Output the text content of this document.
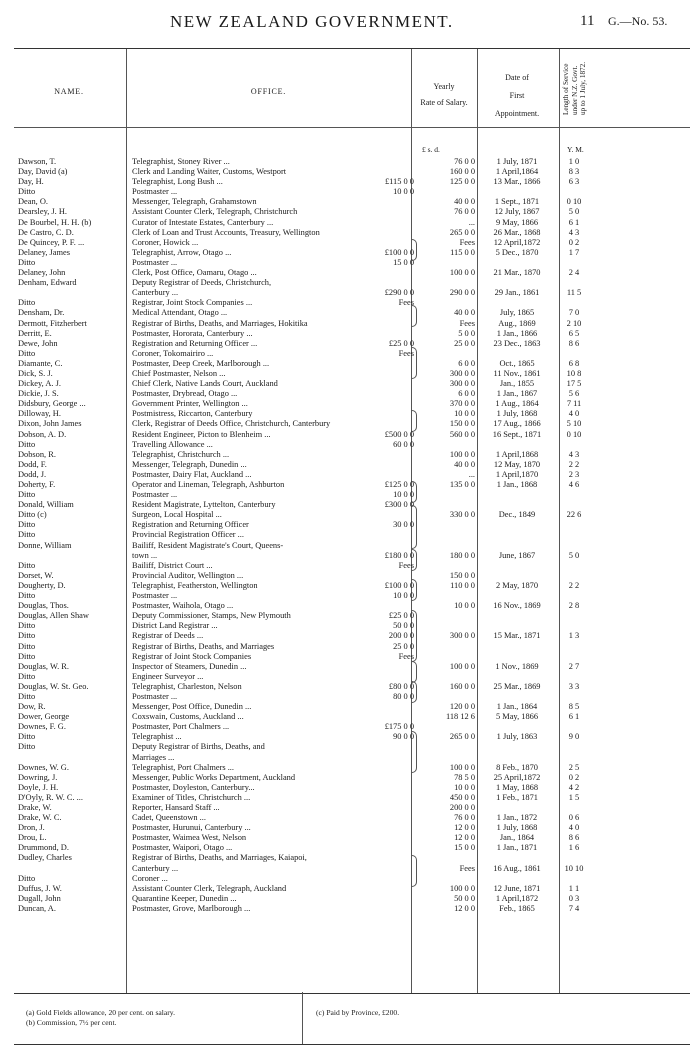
NEW ZEALAND GOVERNMENT.	11 G.—No. 53.
NAME.	OFFICE.
Yearly
Rate of Salary.
Date of
First
Appointment.	Length of Service under N.Z. Govt. up to 1 July, 1872.
£ s. d.	Y. M.
Dawson, T.	Telegraphist, Stoney River ...	76 0 0	1 July, 1871	1 0
Day, David (a)	Clerk and Landing Waiter, Customs, Westport	160 0 0	1 April,1864	8 3
Day, H.	Telegraphist, Long Bush ...	£115 0 0	125 0 0	13 Mar., 1866	6 3
Ditto	Postmaster ...	10 0 0
Dean, O.	Messenger, Telegraph, Grahamstown	40 0 0	1 Sept., 1871	0 10
Dearsley, J. H.	Assistant Counter Clerk, Telegraph, Christchurch	76 0 0	12 July, 1867	5 0
De Bourbel, H. H. (b)	Curator of Intestate Estates, Canterbury ...	...	9 May, 1866	6 1
De Castro, C. D.	Clerk of Loan and Trust Accounts, Treasury, Wellington	265 0 0	26 Mar., 1868	4 3
De Quincey, P. F. ...	Coroner, Howick ...	Fees	12 April,1872	0 2
Delaney, James	Telegraphist, Arrow, Otago ...	£100 0 0	115 0 0	5 Dec., 1870	1 7
Ditto	Postmaster ...	15 0 0
Delaney, John	Clerk, Post Office, Oamaru, Otago ...	100 0 0	21 Mar., 1870	2 4
Denham, Edward	Deputy Registrar of Deeds, Christchurch,
Canterbury ...	£290 0 0	290 0 0	29 Jan., 1861	11 5
Ditto	Registrar, Joint Stock Companies ...	Fees
Densham, Dr.	Medical Attendant, Otago ...	40 0 0	July, 1865	7 0
Dermott, Fitzherbert	Registrar of Births, Deaths, and Marriages, Hokitika	Fees	Aug., 1869	2 10
Derritt, E.	Postmaster, Hororata, Canterbury ...	5 0 0	1 Jan., 1866	6 5
Dewe, John	Registration and Returning Officer ...	£25 0 0	25 0 0	23 Dec., 1863	8 6
Ditto	Coroner, Tokomairiro ...	Fees
Diamante, C.	Postmaster, Deep Creek, Marlborough ...	6 0 0	Oct., 1865	6 8
Dick, S. J.	Chief Postmaster, Nelson ...	300 0 0	11 Nov., 1861	10 8
Dickey, A. J.	Chief Clerk, Native Lands Court, Auckland	300 0 0	Jan., 1855	17 5
Dickie, J. S.	Postmaster, Drybread, Otago ...	6 0 0	1 Jan., 1867	5 6
Didsbury, George ...	Government Printer, Wellington ...	370 0 0	1 Aug., 1864	7 11
Dilloway, H.	Postmistress, Riccarton, Canterbury	10 0 0	1 July, 1868	4 0
Dixon, John James	Clerk, Registrar of Deeds Office, Christchurch, Canterbury	150 0 0	17 Aug., 1866	5 10
Dobson, A. D.	Resident Engineer, Picton to Blenheim ...	£500 0 0	560 0 0	16 Sept., 1871	0 10
Ditto	Travelling Allowance ...	60 0 0
Dobson, R.	Telegraphist, Christchurch ...	100 0 0	1 April,1868	4 3
Dodd, F.	Messenger, Telegraph, Dunedin ...	40 0 0	12 May, 1870	2 2
Dodd, J.	Postmaster, Dairy Flat, Auckland ...	...	1 April,1870	2 3
Doherty, F.	Operator and Lineman, Telegraph, Ashburton	£125 0 0	135 0 0	1 Jan., 1868	4 6
Ditto	Postmaster ...	10 0 0
Donald, William	Resident Magistrate, Lyttelton, Canterbury	£300 0 0
Ditto (c)	Surgeon, Local Hospital ...	330 0 0	Dec., 1849	22 6
Ditto	Registration and Returning Officer	30 0 0
Ditto	Provincial Registration Officer ...
Donne, William	Bailiff, Resident Magistrate's Court, Queens-
town ...	£180 0 0	180 0 0	June, 1867	5 0
Ditto	Bailiff, District Court ...	Fees
Dorset, W.	Provincial Auditor, Wellington ...	150 0 0
Dougherty, D.	Telegraphist, Featherston, Wellington	£100 0 0	110 0 0	2 May, 1870	2 2
Ditto	Postmaster ...	10 0 0
Douglas, Thos.	Postmaster, Waihola, Otago ...	10 0 0	16 Nov., 1869	2 8
Douglas, Allen Shaw	Deputy Commissioner, Stamps, New Plymouth	£25 0 0
Ditto	District Land Registrar ...	50 0 0
Ditto	Registrar of Deeds ...	200 0 0	300 0 0	15 Mar., 1871	1 3
Ditto	Registrar of Births, Deaths, and Marriages	25 0 0
Ditto	Registrar of Joint Stock Companies	Fees
Douglas, W. R.	Inspector of Steamers, Dunedin ...	100 0 0	1 Nov., 1869	2 7
Ditto	Engineer Surveyor ...
Douglas, W. St. Geo.	Telegraphist, Charleston, Nelson	£80 0 0	160 0 0	25 Mar., 1869	3 3
Ditto	Postmaster ...	80 0 0
Dow, R.	Messenger, Post Office, Dunedin ...	120 0 0	1 Jan., 1864	8 5
Dower, George	Coxswain, Customs, Auckland ...	118 12 6	5 May, 1866	6 1
Downes, F. G.	Postmaster, Port Chalmers ...	£175 0 0
Ditto	Telegraphist ...	90 0 0	265 0 0	1 July, 1863	9 0
Ditto	Deputy Registrar of Births, Deaths, and
Marriages ...
Downes, W. G.	Telegraphist, Port Chalmers ...	100 0 0	8 Feb., 1870	2 5
Dowring, J.	Messenger, Public Works Department, Auckland	78 5 0	25 April,1872	0 2
Doyle, J. H.	Postmaster, Doyleston, Canterbury...	10 0 0	1 May, 1868	4 2
D'Oyly, R. W. C. ...	Examiner of Titles, Christchurch ...	450 0 0	1 Feb., 1871	1 5
Drake, W.	Reporter, Hansard Staff ...	200 0 0
Drake, W. C.	Cadet, Queenstown ...	76 0 0	1 Jan., 1872	0 6
Dron, J.	Postmaster, Hurunui, Canterbury ...	12 0 0	1 July, 1868	4 0
Drou, L.	Postmaster, Waimea West, Nelson	12 0 0	Jan., 1864	8 6
Drummond, D.	Postmaster, Waipori, Otago ...	15 0 0	1 Jan., 1871	1 6
Dudley, Charles	Registrar of Births, Deaths, and Marriages, Kaiapoi,
Canterbury ...	Fees	16 Aug., 1861	10 10
Ditto	Coroner ...
Duffus, J. W.	Assistant Counter Clerk, Telegraph, Auckland	100 0 0	12 June, 1871	1 1
Dugall, John	Quarantine Keeper, Dunedin ...	50 0 0	1 April,1872	0 3
Duncan, A.	Postmaster, Grove, Marlborough ...	12 0 0	Feb., 1865	7 4
(a) Gold Fields allowance, 20 per cent. on salary.
(b) Commission, 7½ per cent.
(c) Paid by Province, £200.
